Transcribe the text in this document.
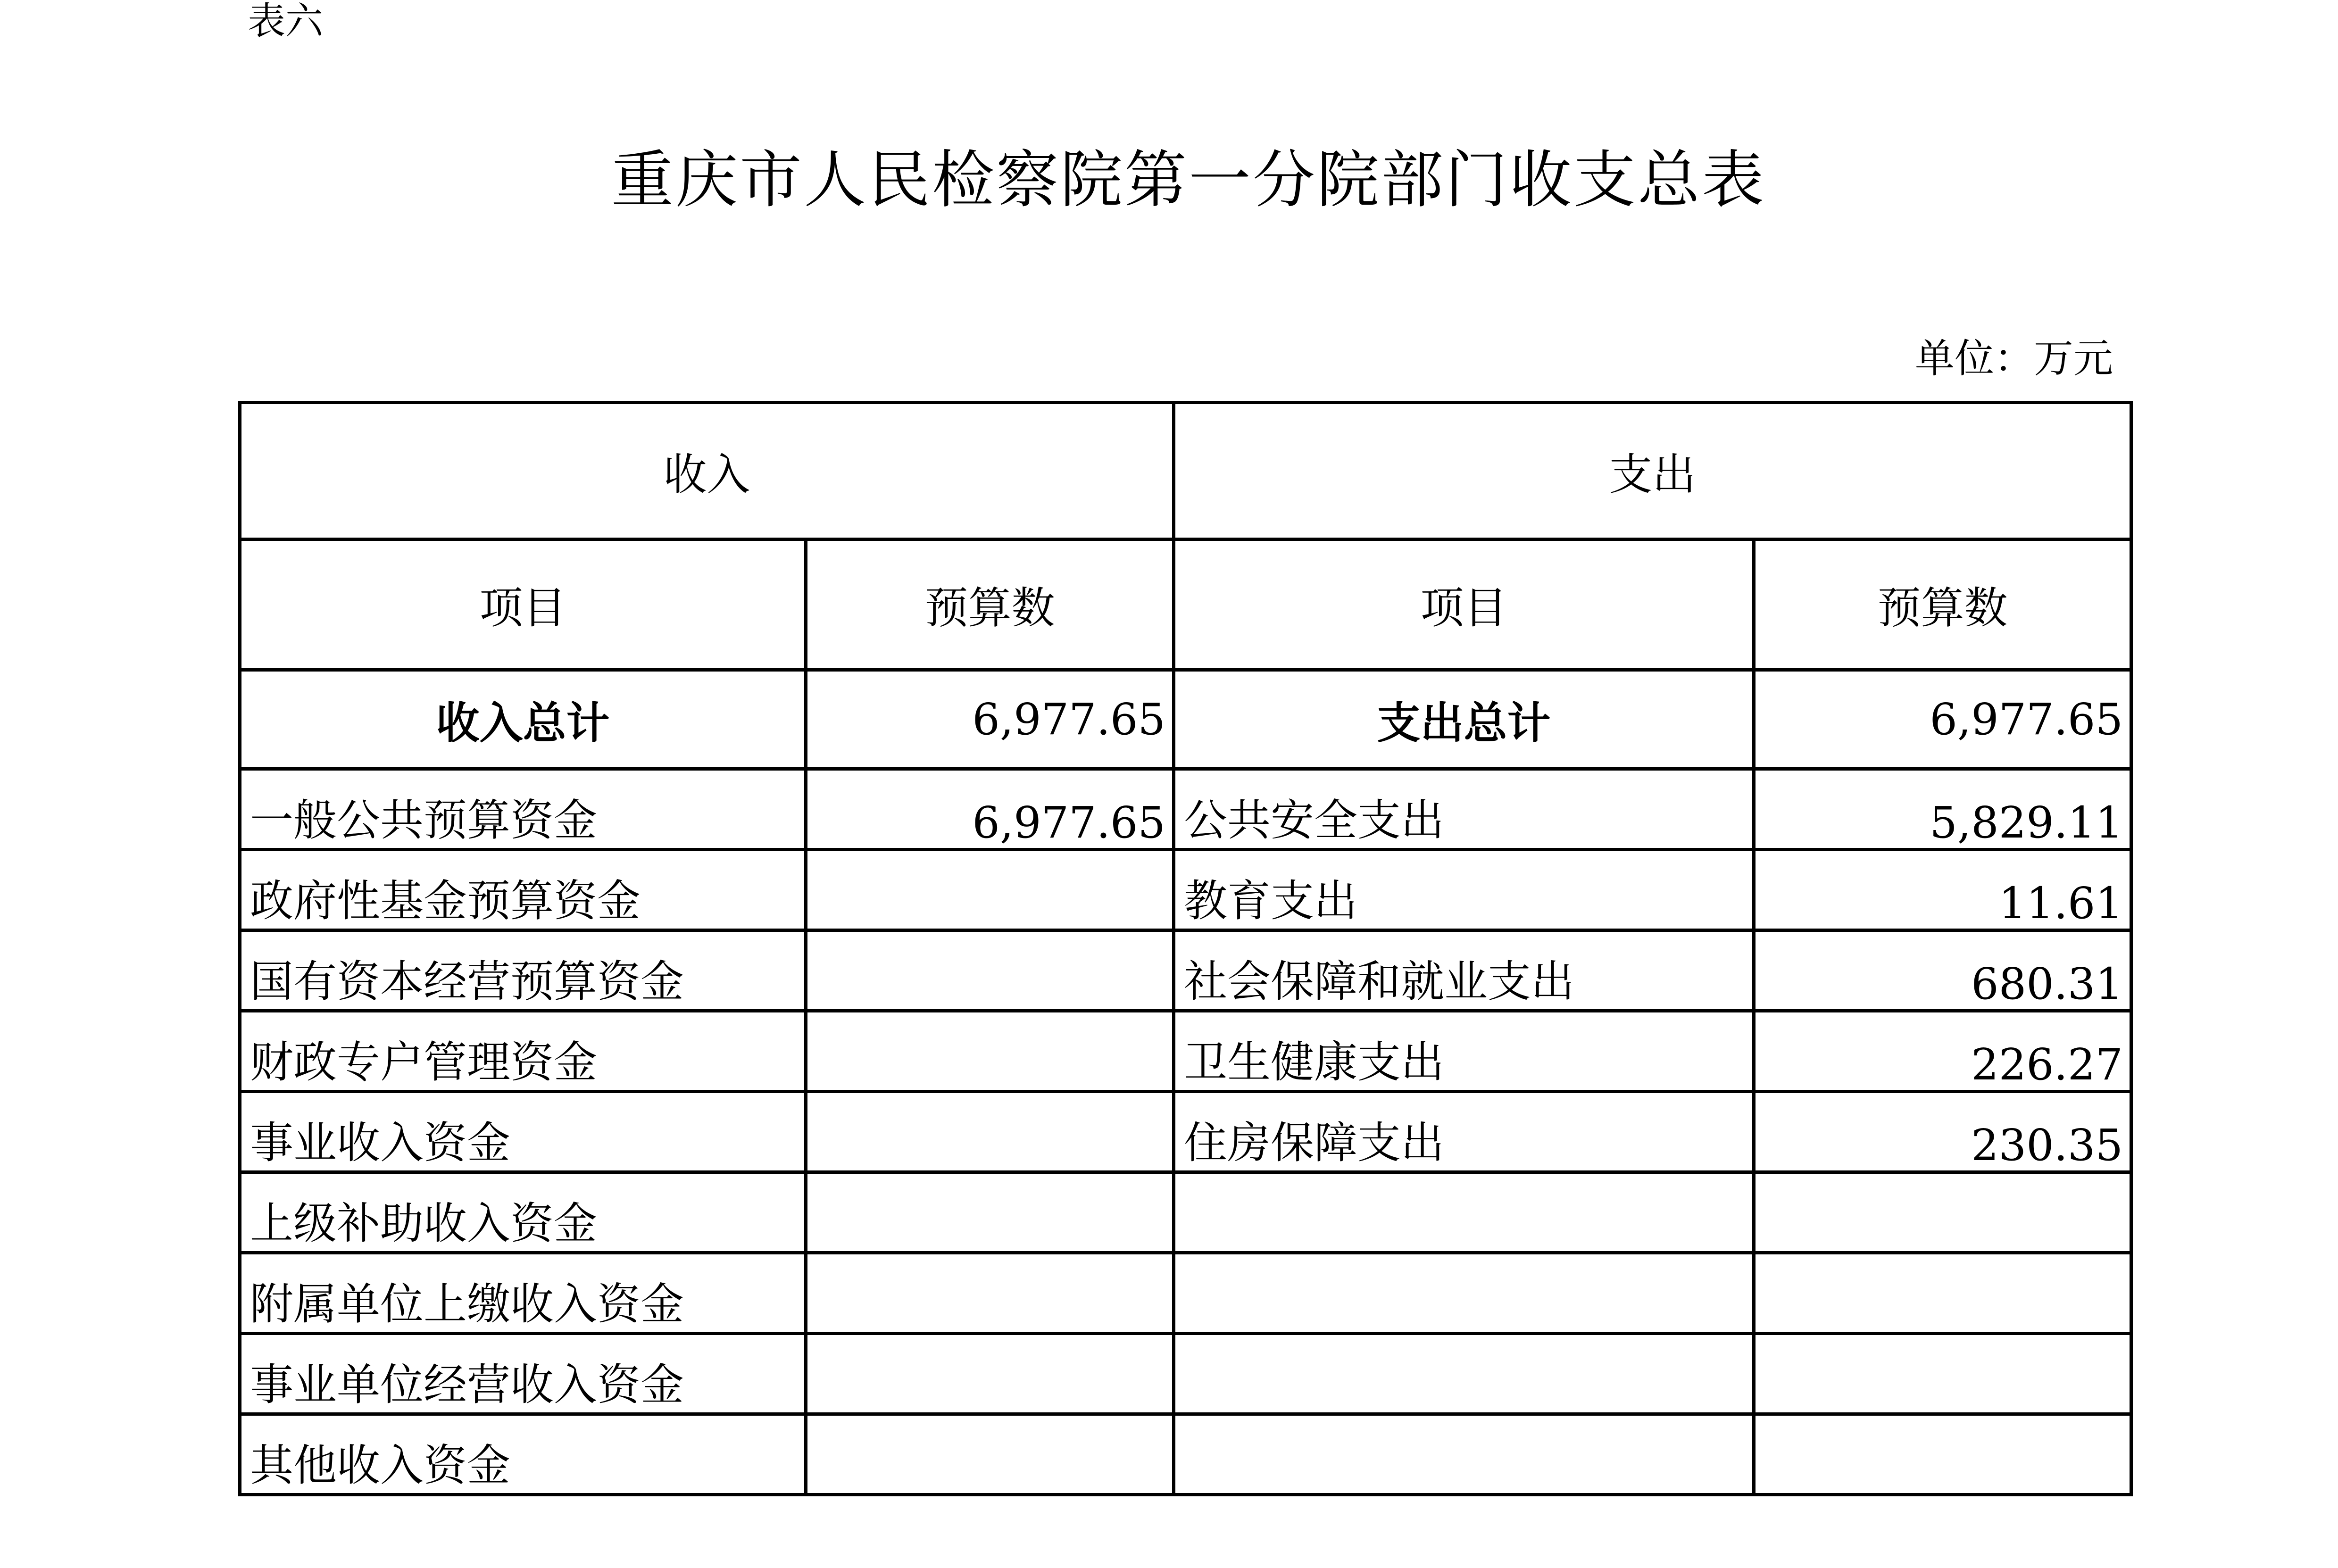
表六
重庆市人民检察院第一分院部门收支总表
单位：万元
收入		支出	
项目	预算数	项目	预算数
收入总计	6,977.65	支出总计	6,977.65
一般公共预算资金	6,977.65	公共安全支出	5,829.11
政府性基金预算资金		教育支出	11.61
国有资本经营预算资金		社会保障和就业支出	680.31
财政专户管理资金		卫生健康支出	226.27
事业收入资金		住房保障支出	230.35
上级补助收入资金			
附属单位上缴收入资金			
事业单位经营收入资金			
其他收入资金			
